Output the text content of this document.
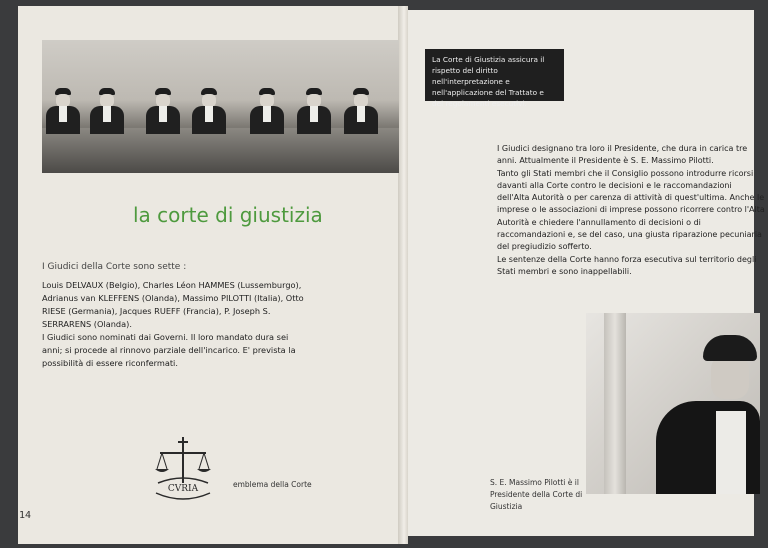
la corte di giustizia
I Giudici della Corte sono sette :

Louis DELVAUX (Belgio), Charles Léon HAMMES (Lussemburgo), Adrianus van KLEFFENS (Olanda), Massimo PILOTTI (Italia), Otto RIESE (Germania), Jacques RUEFF (Francia), P. Joseph S. SERRARENS (Olanda).

I Giudici sono nominati dai Governi. Il loro mandato dura sei anni; si procede al rinnovo parziale dell'incarico. E' prevista la possibilità di essere riconfermati.

CVRIA	emblema della Corte
14
La Corte di Giustizia assicura il rispetto del diritto nell'interpretazione e nell'applicazione del Trattato e dei regolamenti esecutivi.

I Giudici designano tra loro il Presidente, che dura in carica tre anni. Attualmente il Presidente è S. E. Massimo Pilotti.

Tanto gli Stati membri che il Consiglio possono introdurre ricorsi davanti alla Corte contro le decisioni e le raccomandazioni dell'Alta Autorità o per carenza di attività di quest'ultima. Anche le imprese o le associazioni di imprese possono ricorrere contro l'Alta Autorità e chiedere l'annullamento di decisioni o di raccomandazioni e, se del caso, una giusta riparazione pecuniaria del pregiudizio sofferto.

Le sentenze della Corte hanno forza esecutiva sul territorio degli Stati membri e sono inappellabili.

S. E. Massimo Pilotti è il Presidente della Corte di Giustizia
